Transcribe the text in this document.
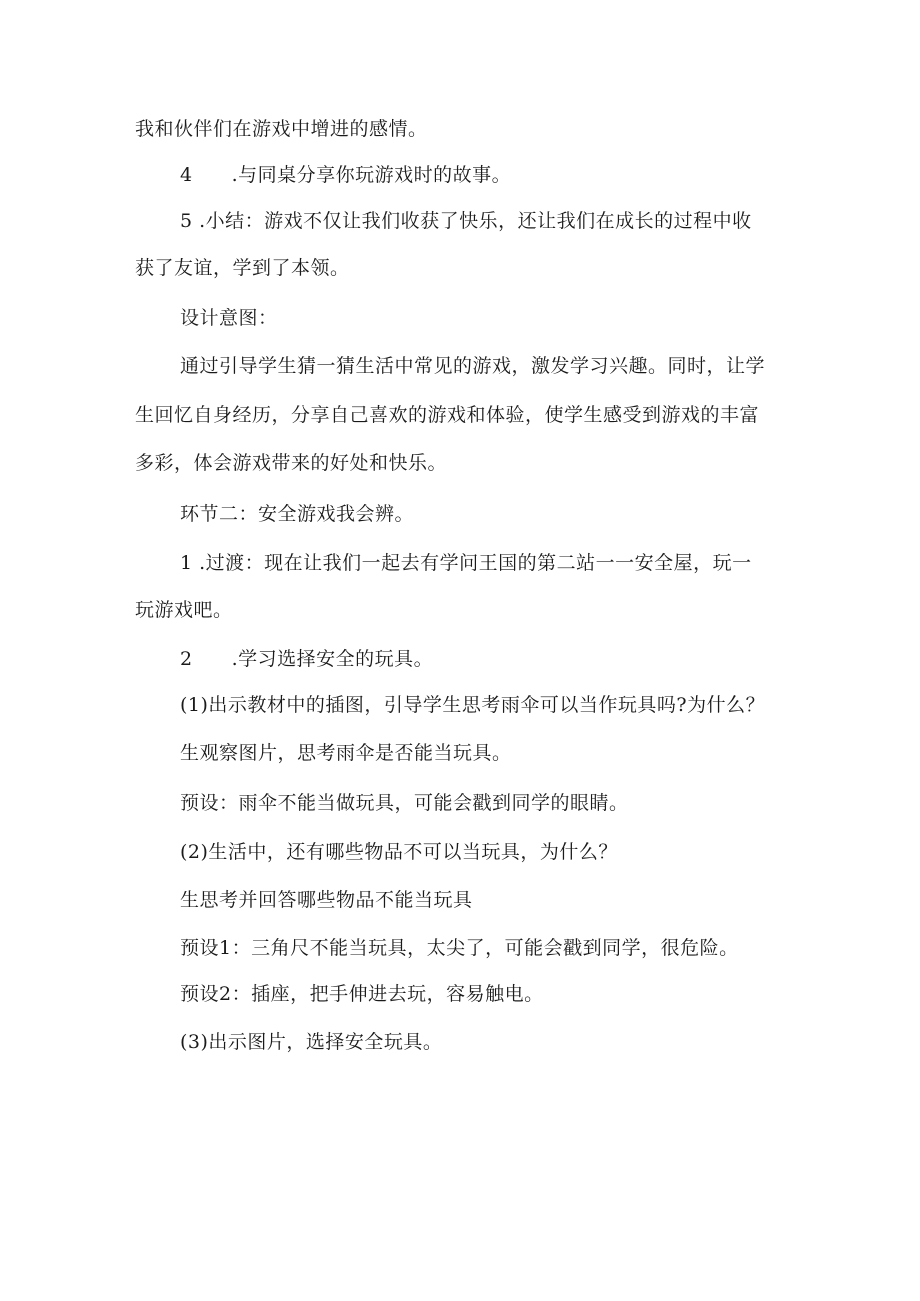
我和伙伴们在游戏中增进的感情。
4　　.与同桌分享你玩游戏时的故事。
5 .小结：游戏不仅让我们收获了快乐，还让我们在成长的过程中收
获了友谊，学到了本领。
设计意图：
通过引导学生猜一猜生活中常见的游戏，激发学习兴趣。同时，让学
生回忆自身经历，分享自己喜欢的游戏和体验，使学生感受到游戏的丰富
多彩，体会游戏带来的好处和快乐。
环节二：安全游戏我会辨。
1 .过渡：现在让我们一起去有学问王国的第二站一一安全屋，玩一
玩游戏吧。
2　　.学习选择安全的玩具。
(1)出示教材中的插图，引导学生思考雨伞可以当作玩具吗?为什么？
生观察图片，思考雨伞是否能当玩具。
预设：雨伞不能当做玩具，可能会戳到同学的眼睛。
(2)生活中，还有哪些物品不可以当玩具，为什么？
生思考并回答哪些物品不能当玩具
预设1：三角尺不能当玩具，太尖了，可能会戳到同学，很危险。
预设2：插座，把手伸进去玩，容易触电。
(3)出示图片，选择安全玩具。
